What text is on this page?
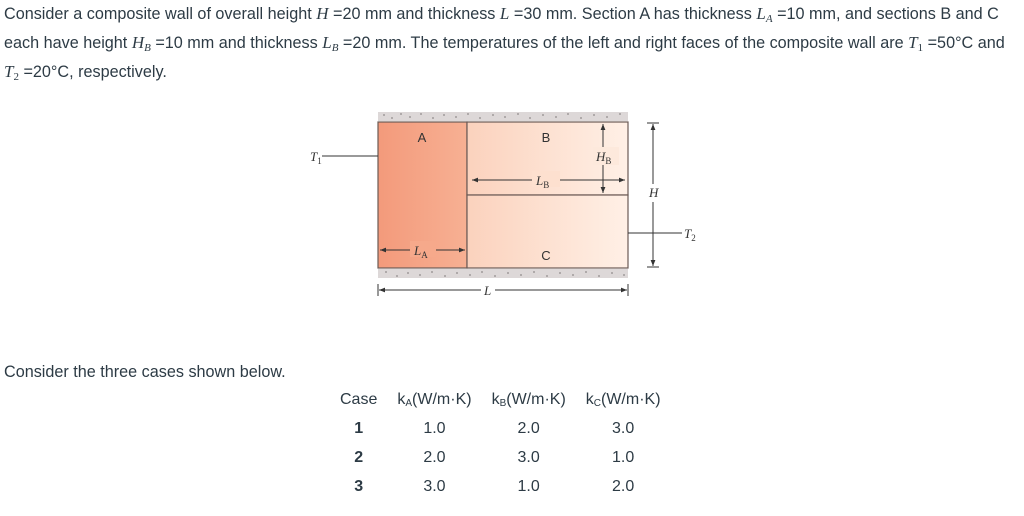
Consider a composite wall of overall height H =20 mm and thickness L =30 mm. Section A has thickness $L_A =10$ mm, and sections B and C each have height $H_B =10$ mm and thickness $L_B =20$ mm. The temperatures of the left and right faces of the composite wall are T1 =50°C and T2 =20°C, respectively.
A	B
C
$T_1$
$T_2$
$L_B$
$H_B$
H
$L_A$
L
Consider the three cases shown below.
Case	kA(W/m·K)	kB(W/m·K)	kC(W/m·K)
1	1.0	2.0	3.0
2	2.0	3.0	1.0
3	3.0	1.0	2.0
